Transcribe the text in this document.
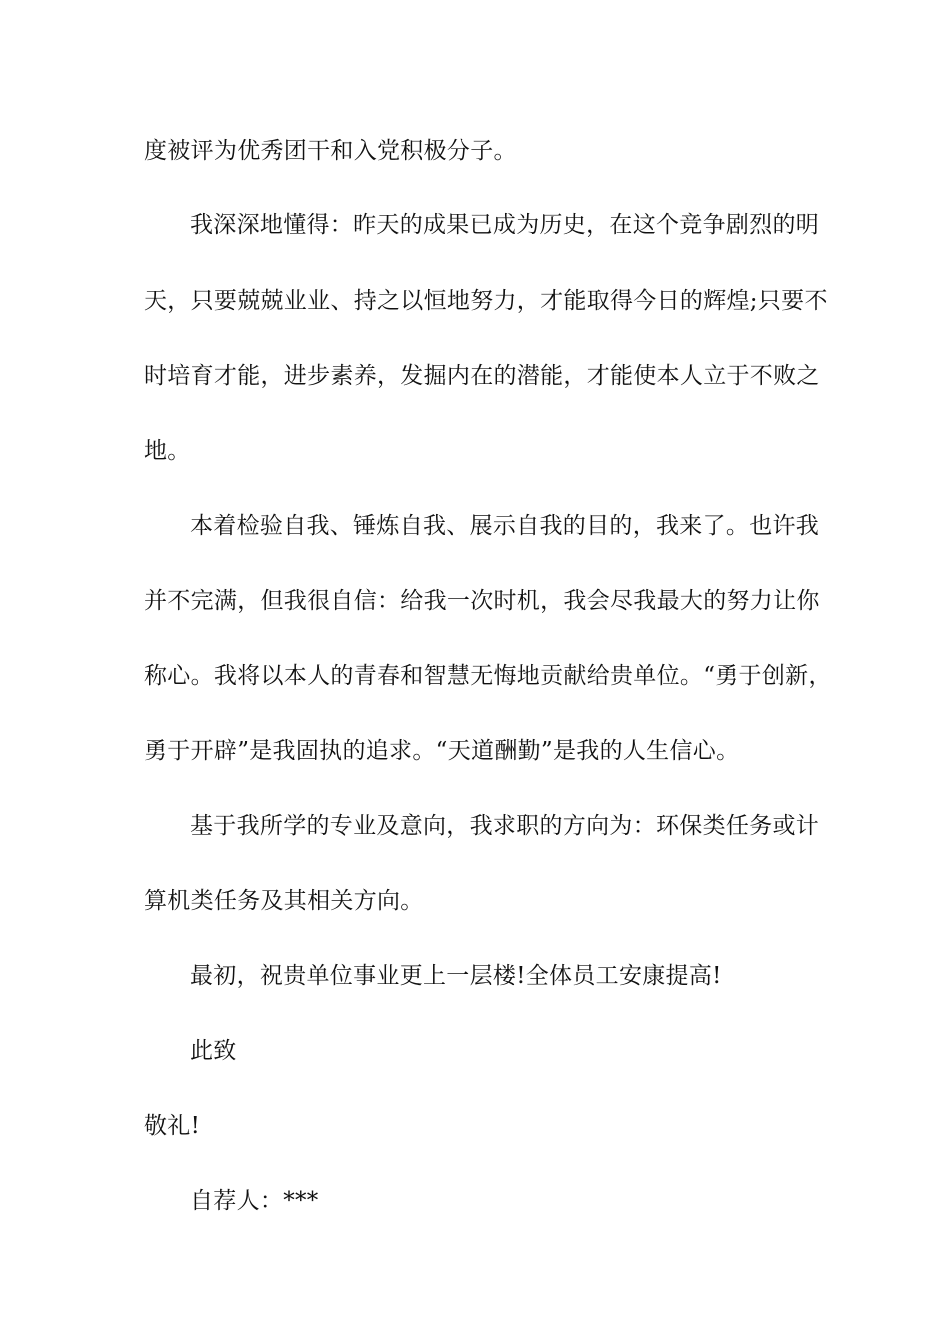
度被评为优秀团干和入党积极分子。
我深深地懂得：昨天的成果已成为历史，在这个竞争剧烈的明
天，只要兢兢业业、持之以恒地努力，才能取得今日的辉煌;只要不
时培育才能，进步素养，发掘内在的潜能，才能使本人立于不败之
地。
本着检验自我、锤炼自我、展示自我的目的，我来了。也许我
并不完满，但我很自信：给我一次时机，我会尽我最大的努力让你
称心。我将以本人的青春和智慧无悔地贡献给贵单位。“勇于创新，
勇于开辟”是我固执的追求。“天道酬勤”是我的人生信心。
基于我所学的专业及意向，我求职的方向为：环保类任务或计
算机类任务及其相关方向。
最初，祝贵单位事业更上一层楼!全体员工安康提高!
此致
敬礼!
自荐人：***
